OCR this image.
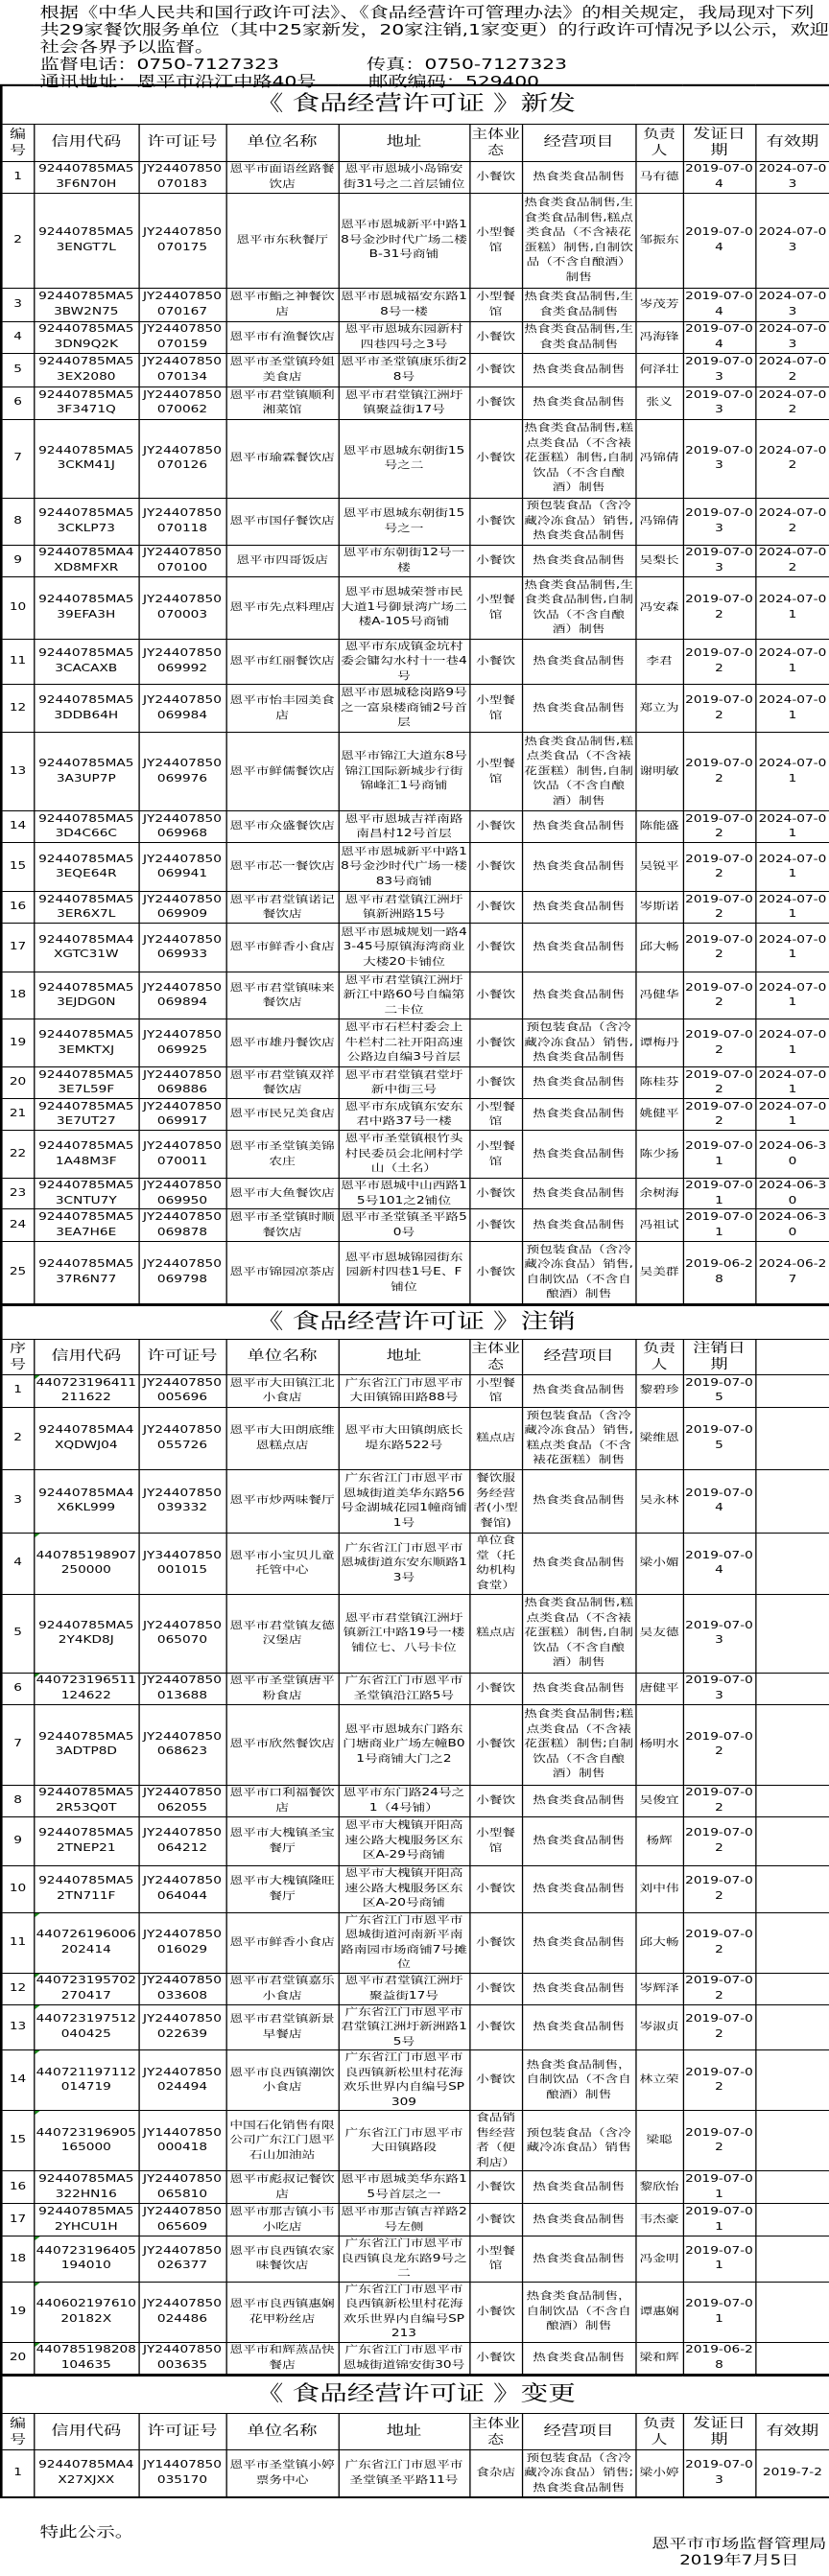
根据《中华人民共和国行政许可法》、《食品经营许可管理办法》的相关规定，我局现对下列共29家餐饮服务单位（其中25家新发，20家注销,1家变更）的行政许可情况予以公示，欢迎社会各界予以监督。

监督电话：0750-7127323	传真：0750-7127323

通讯地址：恩平市沿江中路40号	邮政编码：529400

《 食品经营许可证 》新发									
编号	信用代码	许可证号	单位名称	地址	主体业态	经营项目	负责人	发证日期	有效期
1	92440785MA53F6N70H	JY24407850070183	恩平市面语丝路餐饮店	恩平市恩城小岛锦安街31号之二首层铺位	小餐饮	热食类食品制售	马有德	2019-07-04	2024-07-03
2	92440785MA53ENGT7L	JY24407850070175	恩平市东秋餐厅	恩平市恩城新平中路18号金沙时代广场二楼B-31号商铺	小型餐馆	热食类食品制售,生食类食品制售,糕点类食品（不含裱花蛋糕）制售,自制饮品（不含自酿酒）制售	邹振东	2019-07-04	2024-07-03
3	92440785MA53BW2N75	JY24407850070167	恩平市鮨之神餐饮店	恩平市恩城福安东路18号一楼	小型餐馆	热食类食品制售,生食类食品制售	岑茂芳	2019-07-04	2024-07-03
4	92440785MA53DN9Q2K	JY24407850070159	恩平市有渔餐饮店	恩平市恩城东园新村四巷四号之3号	小餐饮	热食类食品制售,生食类食品制售	冯海锋	2019-07-04	2024-07-03
5	92440785MA53EX2080	JY24407850070134	恩平市圣堂镇玲姐美食店	恩平市圣堂镇康乐街28号	小餐饮	热食类食品制售	何泽壮	2019-07-03	2024-07-02
6	92440785MA53F3471Q	JY24407850070062	恩平市君堂镇顺利湘菜馆	恩平市君堂镇江洲圩镇聚益街17号	小餐饮	热食类食品制售	张义	2019-07-03	2024-07-02
7	92440785MA53CKM41J	JY24407850070126	恩平市瑜霖餐饮店	恩平市恩城东朝街15号之二	小餐饮	热食类食品制售,糕点类食品（不含裱花蛋糕）制售,自制饮品（不含自酿酒）制售	冯锦倩	2019-07-03	2024-07-02
8	92440785MA53CKLP73	JY24407850070118	恩平市国仔餐饮店	恩平市恩城东朝街15号之一	小餐饮	预包装食品（含冷藏冷冻食品）销售,热食类食品制售	冯锦倩	2019-07-03	2024-07-02
9	92440785MA4XD8MFXR	JY24407850070100	恩平市四哥饭店	恩平市东朝街12号一楼	小餐饮	热食类食品制售	吴梨长	2019-07-03	2024-07-02
10	92440785MA539EFA3H	JY24407850070003	恩平市先点料理店	恩平市恩城荣誉市民大道1号御景湾广场二楼A-105号商铺	小型餐馆	热食类食品制售,生食类食品制售,自制饮品（不含自酿酒）制售	冯安森	2019-07-02	2024-07-01
11	92440785MA53CACAXB	JY24407850069992	恩平市红丽餐饮店	恩平市东成镇金坑村委会镛勾水村十一巷4号	小餐饮	热食类食品制售	李君	2019-07-02	2024-07-01
12	92440785MA53DDB64H	JY24407850069984	恩平市怡丰园美食店	恩平市恩城稔岗路9号之一富泉楼商铺2号首层	小型餐馆	热食类食品制售	郑立为	2019-07-02	2024-07-01
13	92440785MA53A3UP7P	JY24407850069976	恩平市鲜儒餐饮店	恩平市锦江大道东8号锦江国际新城步行街锦峰汇1号商铺	小型餐馆	热食类食品制售,糕点类食品（不含裱花蛋糕）制售,自制饮品（不含自酿酒）制售	谢明敏	2019-07-02	2024-07-01
14	92440785MA53D4C66C	JY24407850069968	恩平市众盛餐饮店	恩平市恩城吉祥南路南昌村12号首层	小餐饮	热食类食品制售	陈能盛	2019-07-02	2024-07-01
15	92440785MA53EQE64R	JY24407850069941	恩平市芯一餐饮店	恩平市恩城新平中路18号金沙时代广场一楼83号商铺	小餐饮	热食类食品制售	吴锐平	2019-07-02	2024-07-01
16	92440785MA53ER6X7L	JY24407850069909	恩平市君堂镇诺记餐饮店	恩平市君堂镇江洲圩镇新洲路15号	小餐饮	热食类食品制售	岑斯诺	2019-07-02	2024-07-01
17	92440785MA4XGTC31W	JY24407850069933	恩平市鲜香小食店	恩平市恩城规划一路43-45号原镇海湾商业大楼20卡铺位	小餐饮	热食类食品制售	邱大畅	2019-07-02	2024-07-01
18	92440785MA53EJDG0N	JY24407850069894	恩平市君堂镇味来餐饮店	恩平市君堂镇江洲圩新江中路60号自编第二卡位	小餐饮	热食类食品制售	冯健华	2019-07-02	2024-07-01
19	92440785MA53EMKTXJ	JY24407850069925	恩平市雄丹餐饮店	恩平市石栏村委会上牛栏村二社开阳高速公路边自编3号首层	小餐饮	预包装食品（含冷藏冷冻食品）销售,热食类食品制售	谭梅丹	2019-07-02	2024-07-01
20	92440785MA53E7L59F	JY24407850069886	恩平市君堂镇双祥餐饮店	恩平市君堂镇君堂圩新中街三号	小餐饮	热食类食品制售	陈桂芬	2019-07-02	2024-07-01
21	92440785MA53E7UT27	JY24407850069917	恩平市民兄美食店	恩平市东成镇东安东君中路37号一楼	小型餐馆	热食类食品制售	姚健平	2019-07-02	2024-07-01
22	92440785MA51A48M3F	JY24407850070011	恩平市圣堂镇美锦农庄	恩平市圣堂镇根竹头村民委员会北闸村学山（土名）	小型餐馆	热食类食品制售	陈少扬	2019-07-01	2024-06-30
23	92440785MA53CNTU7Y	JY24407850069950	恩平市大鱼餐饮店	恩平市恩城中山西路15号101之2铺位	小餐饮	热食类食品制售	余树海	2019-07-01	2024-06-30
24	92440785MA53EA7H6E	JY24407850069878	恩平市圣堂镇时顺餐饮店	恩平市圣堂镇圣平路50号	小餐饮	热食类食品制售	冯祖试	2019-07-01	2024-06-30
25	92440785MA537R6N77	JY24407850069798	恩平市锦园凉茶店	恩平市恩城锦园街东园新村四巷1号E、F铺位	小餐饮	预包装食品（含冷藏冷冻食品）销售,自制饮品（不含自酿酒）制售	吴美群	2019-06-28	2024-06-27
《 食品经营许可证 》注销									
序号	信用代码	许可证号	单位名称	地址	主体业态	经营项目	负责人	注销日期	
1	440723196411211622	JY24407850005696	恩平市大田镇江北小食店	广东省江门市恩平市大田镇锦田路88号	小型餐馆	热食类食品制售	黎碧珍	2019-07-05	
2	92440785MA4XQDWJ04	JY24407850055726	恩平市大田朗底维恩糕点店	恩平市大田镇朗底长堤东路522号	糕点店	预包装食品（含冷藏冷冻食品）销售,糕点类食品（不含裱花蛋糕）制售	梁维恩	2019-07-05	
3	92440785MA4X6KL999	JY24407850039332	恩平市炒两味餐厅	广东省江门市恩平市恩城街道美华东路56号金湖城花园1幢商铺1号	餐饮服务经营者(小型餐馆)	热食类食品制售	吴永林	2019-07-04	
4	440785198907250000	JY34407850001015	恩平市小宝贝儿童托管中心	广东省江门市恩平市恩城街道东安东顺路13号	单位食堂（托幼机构食堂）	热食类食品制售	梁小媚	2019-07-04	
5	92440785MA52Y4KD8J	JY24407850065070	恩平市君堂镇友德汉堡店	恩平市君堂镇江洲圩镇新江中路19号一楼铺位七、八号卡位	糕点店	热食类食品制售,糕点类食品（不含裱花蛋糕）制售,自制饮品（不含自酿酒）制售	吴友德	2019-07-03	
6	440723196511124622	JY24407850013688	恩平市圣堂镇唐平粉食店	广东省江门市恩平市圣堂镇沿江路5号	小餐饮	热食类食品制售	唐健平	2019-07-03	
7	92440785MA53ADTP8D	JY24407850068623	恩平市欣然餐饮店	恩平市恩城东门路东门塘商业广场左幢B01号商铺大门之2	小餐饮	热食类食品制售;糕点类食品（不含裱花蛋糕）制售;自制饮品（不含自酿酒）制售	杨明水	2019-07-02	
8	92440785MA52R53Q0T	JY24407850062055	恩平市口利福餐饮店	恩平市东门路24号之1（4号铺）	小餐饮	热食类食品制售	吴俊宜	2019-07-02	
9	92440785MA52TNEP21	JY24407850064212	恩平市大槐镇圣宝餐厅	恩平市大槐镇开阳高速公路大槐服务区东区A-29号商铺	小型餐馆	热食类食品制售	杨辉	2019-07-02	
10	92440785MA52TN711F	JY24407850064044	恩平市大槐镇隆旺餐厅	恩平市大槐镇开阳高速公路大槐服务区东区A-20号商铺	小餐饮	热食类食品制售	刘中伟	2019-07-02	
11	440726196006202414	JY24407850016029	恩平市鲜香小食店	广东省江门市恩平市恩城街道河南新平南路南园市场商铺7号摊位	小餐饮	热食类食品制售	邱大畅	2019-07-02	
12	440723195702270417	JY24407850033608	恩平市君堂镇嘉乐小食店	恩平市君堂镇江洲圩聚益街17号	小餐饮	热食类食品制售	岑辉泽	2019-07-02	
13	440723197512040425	JY24407850022639	恩平市君堂镇新景早餐店	广东省江门市恩平市君堂镇江洲圩新洲路15号	小餐饮	热食类食品制售	岑淑贞	2019-07-02	
14	440721197112014719	JY24407850024494	恩平市良西镇潮饮小食店	广东省江门市恩平市良西镇新松里村花海欢乐世界内自编号SP309	小餐饮	热食类食品制售，自制饮品（不含自酿酒）制售	林立荣	2019-07-02	
15	440723196905165000	JY14407850000418	中国石化销售有限公司广东江门恩平石山加油站	广东省江门市恩平市大田镇路段	食品销售经营者（便利店）	预包装食品（含冷藏冷冻食品）销售	梁聪	2019-07-02	
16	92440785MA5322HN16	JY24407850065810	恩平市彪叔记餐饮店	恩平市恩城美华东路15号首层之一	小餐饮	热食类食品制售	黎欣怡	2019-07-01	
17	92440785MA52YHCU1H	JY24407850065609	恩平市那吉镇小韦小吃店	恩平市那吉镇吉祥路2号左侧	小餐饮	热食类食品制售	韦杰豪	2019-07-01	
18	440723196405194010	JY24407850026377	恩平市良西镇农家味餐饮店	广东省江门市恩平市良西镇良龙东路9号之二	小型餐馆	热食类食品制售	冯金明	2019-07-01	
19	44060219761020182X	JY24407850024486	恩平市良西镇惠娴花甲粉丝店	广东省江门市恩平市良西镇新松里村花海欢乐世界内自编号SP213	小餐饮	热食类食品制售，自制饮品（不含自酿酒）制售	谭惠娴	2019-07-01	
20	440785198208104635	JY24407850003635	恩平市和辉蒸品快餐店	广东省江门市恩平市恩城街道锦安街30号	小餐饮	热食类食品制售	梁和辉	2019-06-28	
《 食品经营许可证 》变更									
编号	信用代码	许可证号	单位名称	地址	主体业态	经营项目	负责人	发证日期	有效期
1	92440785MA4X27XJXX	JY14407850035170	恩平市圣堂镇小婷票务中心	广东省江门市恩平市圣堂镇圣平路11号	食杂店	预包装食品（含冷藏冷冻食品）销售;热食类食品制售	梁小婷	2019-07-03	2019-7-2
特此公示。
恩平市市场监督管理局
2019年7月5日
